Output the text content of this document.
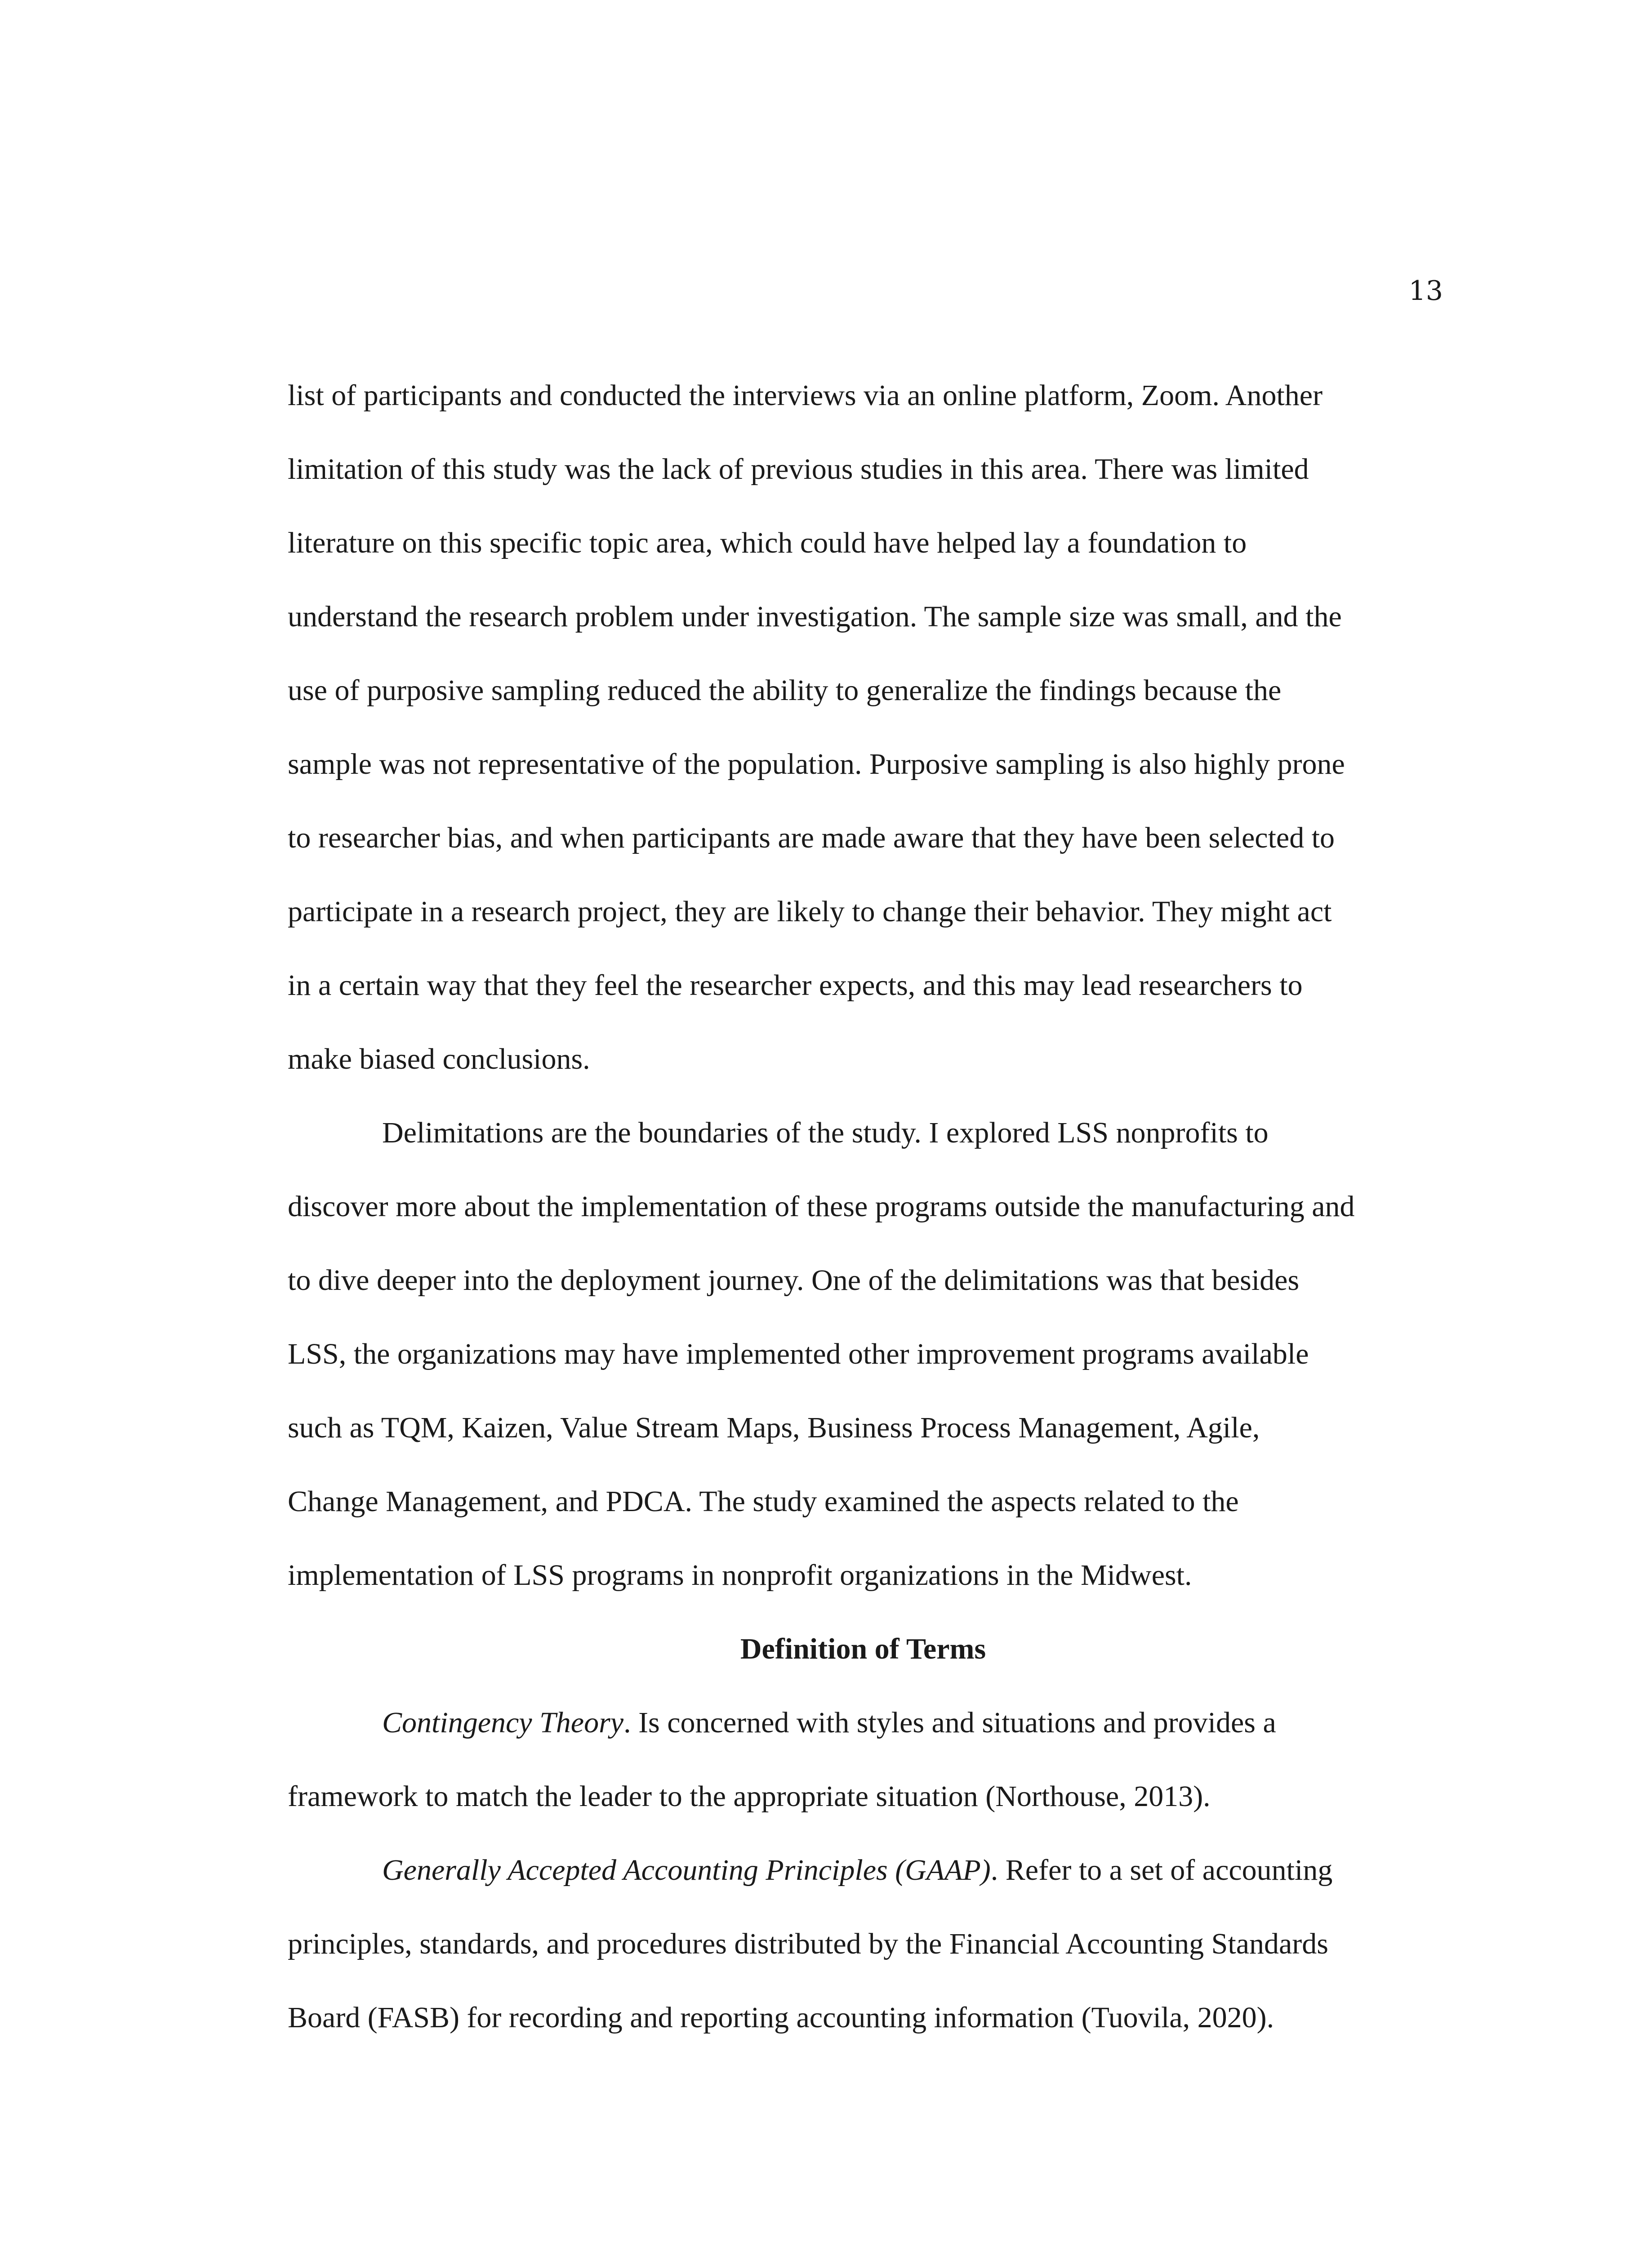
13
list of participants and conducted the interviews via an online platform, Zoom. Another
limitation of this study was the lack of previous studies in this area. There was limited
literature on this specific topic area, which could have helped lay a foundation to
understand the research problem under investigation. The sample size was small, and the
use of purposive sampling reduced the ability to generalize the findings because the
sample was not representative of the population. Purposive sampling is also highly prone
to researcher bias, and when participants are made aware that they have been selected to
participate in a research project, they are likely to change their behavior. They might act
in a certain way that they feel the researcher expects, and this may lead researchers to
make biased conclusions.
Delimitations are the boundaries of the study. I explored LSS nonprofits to
discover more about the implementation of these programs outside the manufacturing and
to dive deeper into the deployment journey. One of the delimitations was that besides
LSS, the organizations may have implemented other improvement programs available
such as TQM, Kaizen, Value Stream Maps, Business Process Management, Agile,
Change Management, and PDCA. The study examined the aspects related to the
implementation of LSS programs in nonprofit organizations in the Midwest.
Definition of Terms
Contingency Theory. Is concerned with styles and situations and provides a
framework to match the leader to the appropriate situation (Northouse, 2013).
Generally Accepted Accounting Principles (GAAP). Refer to a set of accounting
principles, standards, and procedures distributed by the Financial Accounting Standards
Board (FASB) for recording and reporting accounting information (Tuovila, 2020).
